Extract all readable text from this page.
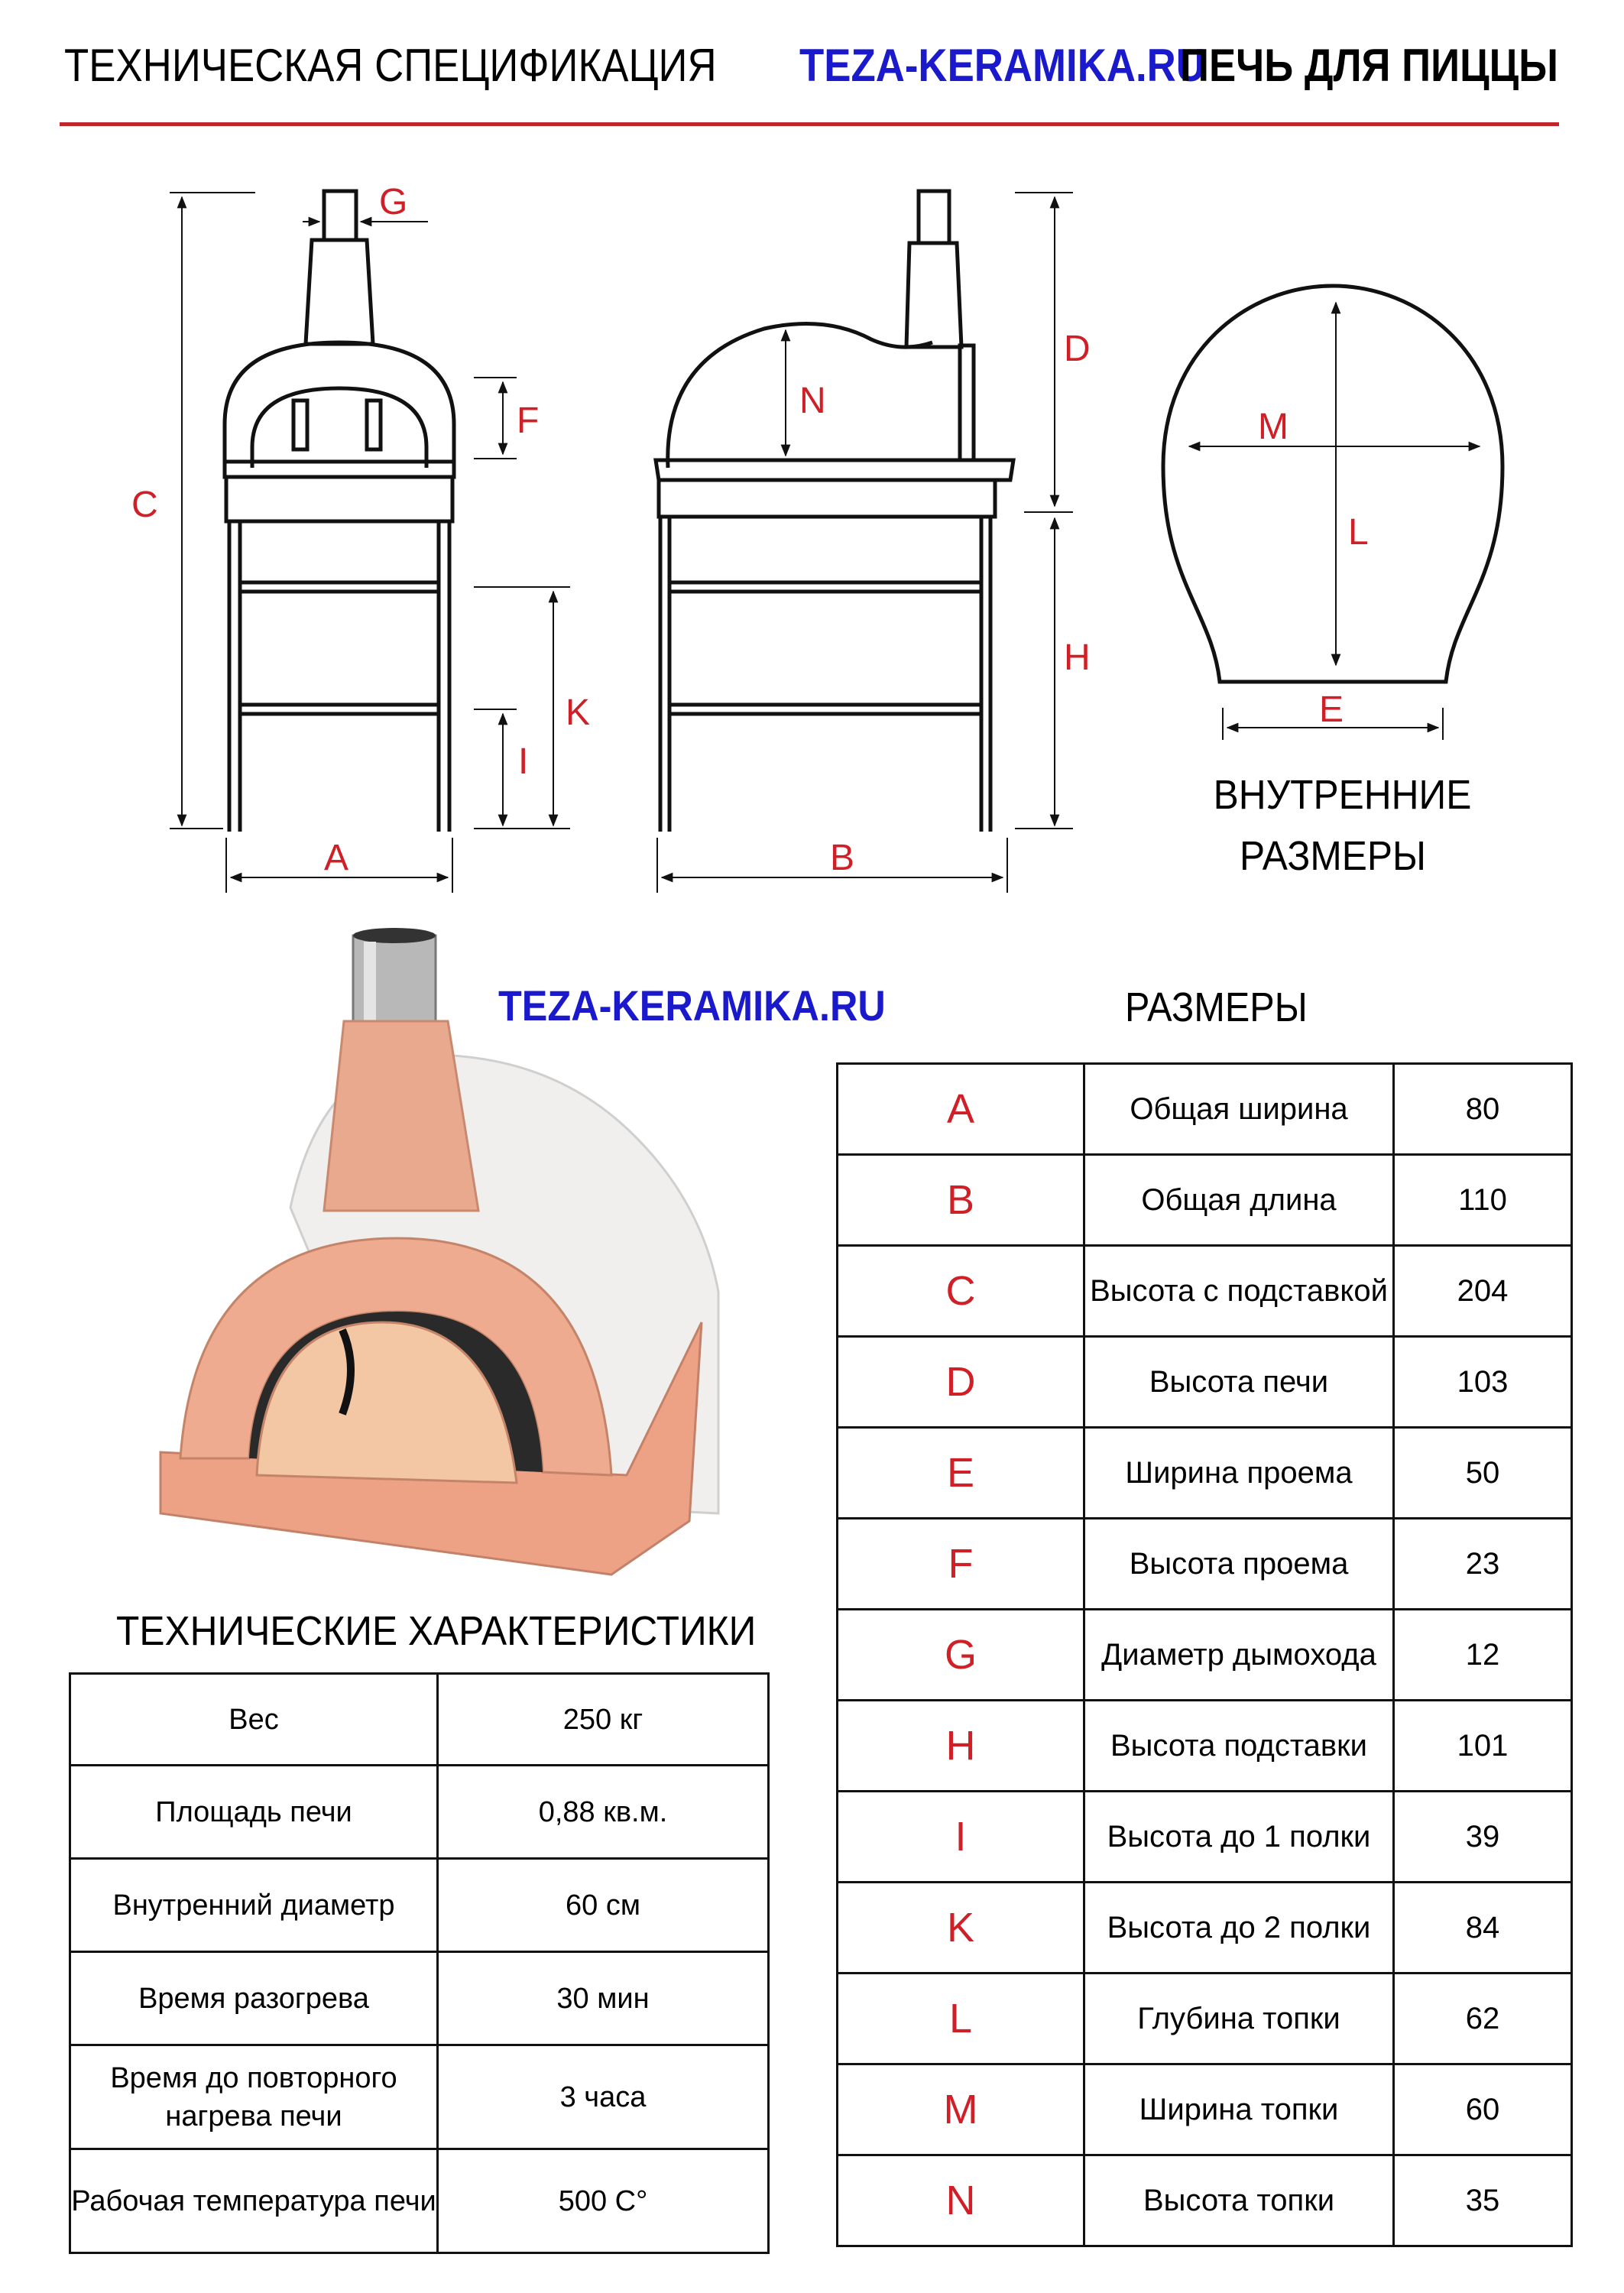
ТЕХНИЧЕСКАЯ СПЕЦИФИКАЦИЯ TEZA-KERAMIKA.RU
ПЕЧЬ ДЛЯ ПИЦЦЫ
C
G
F
K
I
A
N
D
H
B
M
L
E
ВНУТРЕННИЕ
РАЗМЕРЫ
TEZA-KERAMIKA.RU	РАЗМЕРЫ
ТЕХНИЧЕСКИЕ ХАРАКТЕРИСТИКИ
A	Общая ширина	80
B	Общая длина	110
C	Высота с подставкой	204
D	Высота печи	103
E	Ширина проема	50
F	Высота проема	23
G	Диаметр дымохода	12
H	Высота подставки	101
I	Высота до 1 полки	39
K	Высота до 2 полки	84
L	Глубина топки	62
M	Ширина топки	60
N	Высота топки	35
Вес	250 кг
Площадь печи	0,88 кв.м.
Внутренний диаметр	60 см
Время разогрева	30 мин
Время до повторного нагрева печи	3 часа
Рабочая температура печи	500 C°
